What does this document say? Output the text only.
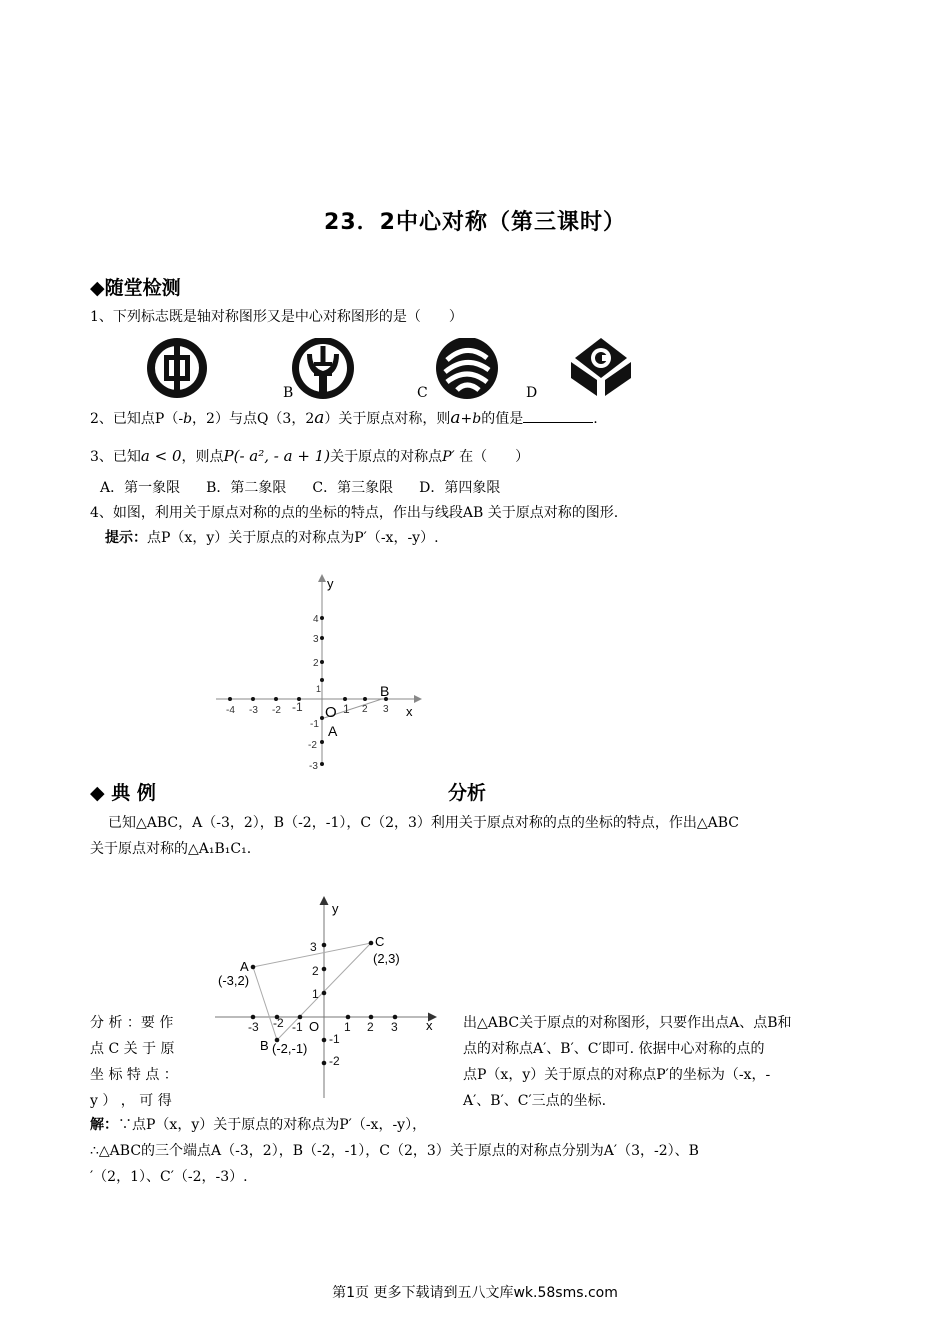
23．2中心对称（第三课时）
◆随堂检测
1、下列标志既是轴对称图形又是中心对称图形的是（　　）
B	C	D
2、已知点P（-b，2）与点Q（3，2a）关于原点对称，则a+b的值是	.
3、已知a < 0，则点P(- a², - a + 1)关于原点的对称点P′ 在（　　）
A．第一象限 B．第二象限 C．第三象限 D．第四象限
4、如图，利用关于原点对称的点的坐标的特点，作出与线段AB 关于原点对称的图形.
提示：点P（x，y）关于原点的对称点为P′（-x，-y）.
-4 -3 -2 -1	1 2 3
4
3
2
1
-1
-2
-3
y
x
O
A
B
◆ 典 例	分析
已知△ABC，A（-3，2），B（-2，-1），C（2，3）利用关于原点对称的点的坐标的特点，作出△ABC
关于原点对称的△A₁B₁C₁.
分 析 ：要 作
点 C 关 于 原
坐 标 特 点 ：
y ） ， 可 得
出△ABC关于原点的对称图形，只要作出点A、点B和
点的对称点A′、B′、C′即可. 依据中心对称的点的
点P（x，y）关于原点的对称点P′的坐标为（-x，-
A′、B′、C′三点的坐标.
-3 -2 -1	1 2 3
3
2
1
-1
-2
y
x
O
A
(-3,2)
B (-2,-1)
C
(2,3)
解：∵点P（x，y）关于原点的对称点为P′（-x，-y），
∴△ABC的三个端点A（-3，2），B（-2，-1），C（2，3）关于原点的对称点分别为A′（3，-2）、B
′（2，1）、C′（-2，-3）.
第1页 更多下载请到五八文库wk.58sms.com
